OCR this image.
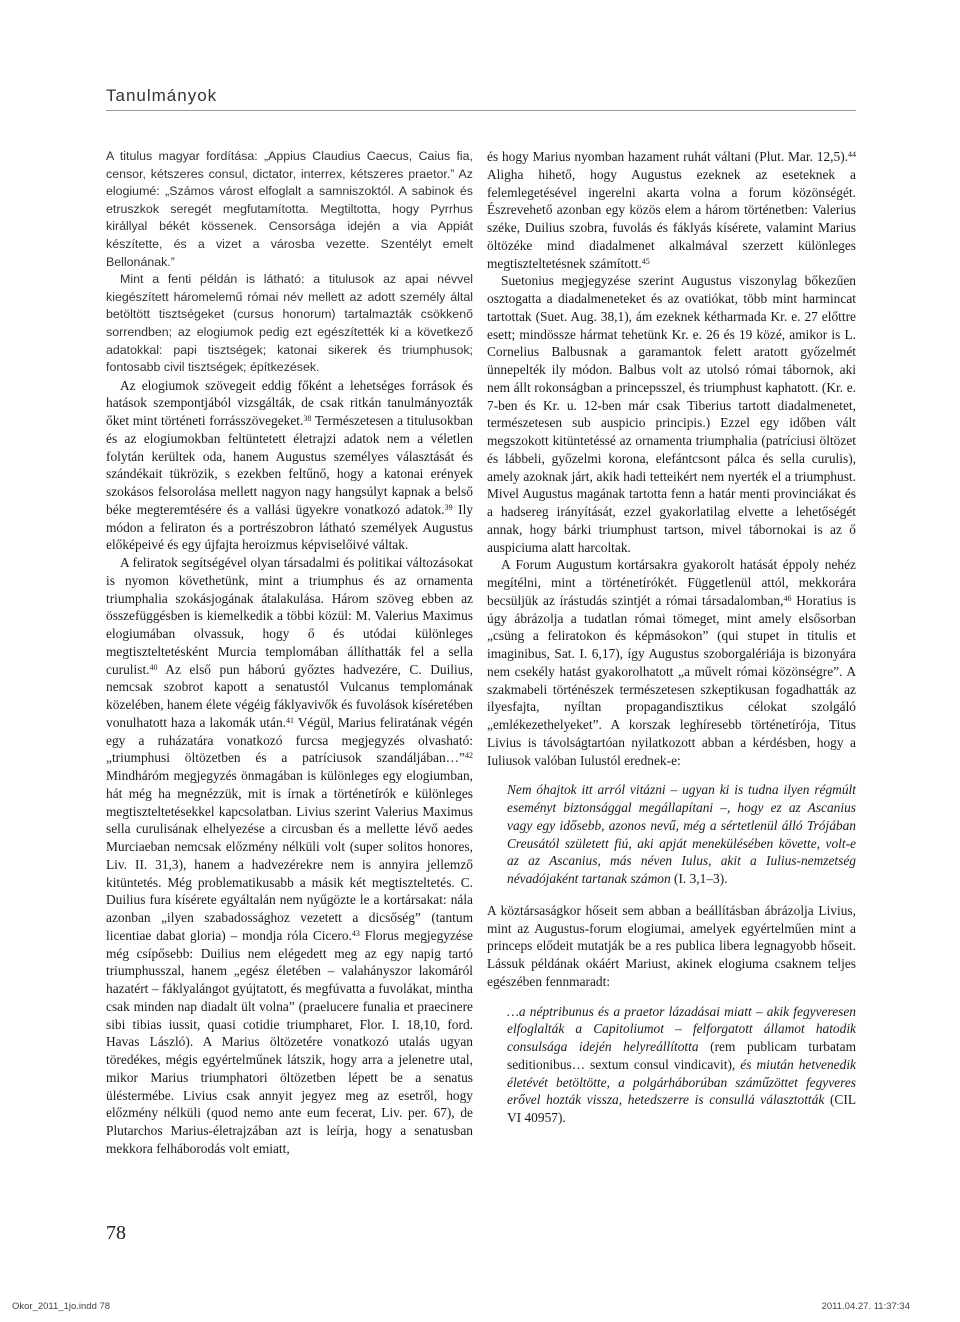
Tanulmányok

A titulus magyar fordítása: „Appius Claudius Caecus, Caius fia, censor, kétszeres consul, dictator, interrex, kétszeres praetor.” Az elogiumé: „Számos várost elfoglalt a samniszoktól. A sabinok és etruszkok seregét megfutamította. Megtiltotta, hogy Pyrrhus királlyal békét kössenek. Censorsága idején a via Appiát készítette, és a vizet a városba vezette. Szentélyt emelt Bellonának.”

Mint a fenti példán is látható: a titulusok az apai névvel kiegészített háromelemű római név mellett az adott személy által betöltött tisztségeket (cursus honorum) tartalmazták csökkenő sorrendben; az elogiumok pedig ezt egészítették ki a következő adatokkal: papi tisztségek; katonai sikerek és triumphusok; fontosabb civil tisztségek; építkezések.

Az elogiumok szövegeit eddig főként a lehetséges források és hatások szempontjából vizsgálták, de csak ritkán tanulmányozták őket mint történeti forrásszövegeket.$^{38}$ Természetesen a titulusokban és az elogiumokban feltüntetett életrajzi adatok nem a véletlen folytán kerültek oda, hanem Augustus személyes választását és szándékait tükrözik, s ezekben feltűnő, hogy a katonai erények szokásos felsorolása mellett nagyon nagy hangsúlyt kapnak a belső béke megteremtésére és a vallási ügyekre vonatkozó adatok.$^{39}$ Ily módon a feliraton és a portrészobron látható személyek Augustus előképeivé és egy újfajta heroizmus képviselőivé váltak.

A feliratok segítségével olyan társadalmi és politikai változásokat is nyomon követhetünk, mint a triumphus és az ornamenta triumphalia szokásjogának átalakulása. Három szöveg ebben az összefüggésben is kiemelkedik a többi közül: M. Valerius Maximus elogiumában olvassuk, hogy ő és utódai különleges megtiszteltetésként Murcia templomában állíthatták fel a sella curulist.$^{40}$ Az első pun háború győztes hadvezére, C. Duilius, nemcsak szobrot kapott a senatustól Vulcanus templomának közelében, hanem élete végéig fáklyavivők és fuvolások kíséretében vonulhatott haza a lakomák után.$^{41}$ Végül, Marius feliratának végén egy a ruházatára vonatkozó furcsa megjegyzés olvasható: „triumphusi öltözetben és a patríciusok szandáljában…”$^{42}$ Mindháróm megjegyzés önmagában is különleges egy elogiumban, hát még ha megnézzük, mit is írnak a történetírók e különleges megtiszteltetésekkel kapcsolatban. Livius szerint Valerius Maximus sella curulisának elhelyezése a circusban és a mellette lévő aedes Murciaeban nemcsak előzmény nélküli volt (super solitos honores, Liv. II. 31,3), hanem a hadvezérekre nem is annyira jellemző kitüntetés. Még problematikusabb a másik két megtiszteltetés. C. Duilius fura kísérete egyáltalán nem nyűgözte le a kortársakat: nála azonban „ilyen szabadossághoz vezetett a dicsőség” (tantum licentiae dabat gloria) – mondja róla Cicero.$^{43}$ Florus megjegyzése még csípősebb: Duilius nem elégedett meg az egy napig tartó triumphusszal, hanem „egész életében – valahányszor lakomáról hazatért – fáklyalángot gyújtatott, és megfúvatta a fuvolákat, mintha csak minden nap diadalt ült volna” (praelucere funalia et praecinere sibi tibias iussit, quasi cotidie triumpharet, Flor. I. 18,10, ford. Havas László). A Marius öltözetére vonatkozó utalás ugyan töredékes, mégis egyértelműnek látszik, hogy arra a jelenetre utal, mikor Marius triumphatori öltözetben lépett be a senatus üléstermébe. Livius csak annyit jegyez meg az esetről, hogy előzmény nélküli (quod nemo ante eum fecerat, Liv. per. 67), de Plutarchos Marius-életrajzában azt is leírja, hogy a senatusban mekkora felháborodás volt emiatt,

és hogy Marius nyomban hazament ruhát váltani (Plut. Mar. 12,5).$^{44}$ Aligha hihető, hogy Augustus ezeknek az eseteknek a felemlegetésével ingerelni akarta volna a forum közönségét. Észrevehető azonban egy közös elem a három történetben: Valerius széke, Duilius szobra, fuvolás és fáklyás kísérete, valamint Marius öltözéke mind diadalmenet alkalmával szerzett különleges megtiszteltetésnek számított.$^{45}$

Suetonius megjegyzése szerint Augustus viszonylag bőkezűen osztogatta a diadalmeneteket és az ovatiókat, több mint harmincat tartottak (Suet. Aug. 38,1), ám ezeknek kétharmada Kr. e. 27 előttre esett; mindössze hármat tehetünk Kr. e. 26 és 19 közé, amikor is L. Cornelius Balbusnak a garamantok felett aratott győzelmét ünnepelték ily módon. Balbus volt az utolsó római tábornok, aki nem állt rokonságban a princepsszel, és triumphust kaphatott. (Kr. e. 7-ben és Kr. u. 12-ben már csak Tiberius tartott diadalmenetet, természetesen sub auspicio principis.) Ezzel egy időben vált megszokott kitüntetéssé az ornamenta triumphalia (patríciusi öltözet és lábbeli, győzelmi korona, elefántcsont pálca és sella curulis), amely azoknak járt, akik hadi tetteikért nem nyerték el a triumphust. Mivel Augustus magának tartotta fenn a határ menti provinciákat és a hadsereg irányítását, ezzel gyakorlatilag elvette a lehetőségét annak, hogy bárki triumphust tartson, mivel tábornokai is az ő auspiciuma alatt harcoltak.

A Forum Augustum kortársakra gyakorolt hatását éppoly nehéz megítélni, mint a történetírókét. Függetlenül attól, mekkorára becsüljük az írástudás szintjét a római társadalomban,$^{46}$ Horatius is úgy ábrázolja a tudatlan római tömeget, mint amely elsősorban „csüng a feliratokon és képmásokon” (qui stupet in titulis et imaginibus, Sat. I. 6,17), így Augustus szoborgalériája is bizonyára nem csekély hatást gyakorolhatott „a művelt római közönségre”. A szakmabeli történészek természetesen szkeptikusan fogadhatták az ilyesfajta, nyíltan propagandisztikus célokat szolgáló „emlékezethelyeket”. A korszak leghíresebb történetírója, Titus Livius is távolságtartóan nyilatkozott abban a kérdésben, hogy a Iuliusok valóban Iulustól erednek-e:

Nem óhajtok itt arról vitázni – ugyan ki is tudna ilyen régmúlt eseményt biztonsággal megállapítani –, hogy ez az Ascanius vagy egy idősebb, azonos nevű, még a sértetlenül álló Trójában Creusától született fiú, aki apját menekülésében követte, volt-e az az Ascanius, más néven Iulus, akit a Iulius-nemzetség névadójaként tartanak számon (I. 3,1–3).

A köztársaságkor hőseit sem abban a beállításban ábrázolja Livius, mint az Augustus-forum elogiumai, amelyek egyértelműen mint a princeps elődeit mutatják be a res publica libera legnagyobb hőseit. Lássuk példának okáért Mariust, akinek elogiuma csaknem teljes egészében fennmaradt:

…a néptribunus és a praetor lázadásai miatt – akik fegyveresen elfoglalták a Capitoliumot – felforgatott államot hatodik consulsága idején helyreállította (rem publicam turbatam seditionibus… sextum consul vindicavit), és miután hetvenedik életévét betöltötte, a polgárháborúban száműzöttet fegyveres erővel hozták vissza, hetedszerre is consullá választották (CIL VI 40957).

78
Okor_2011_1jo.indd 78	2011.04.27. 11:37:34
